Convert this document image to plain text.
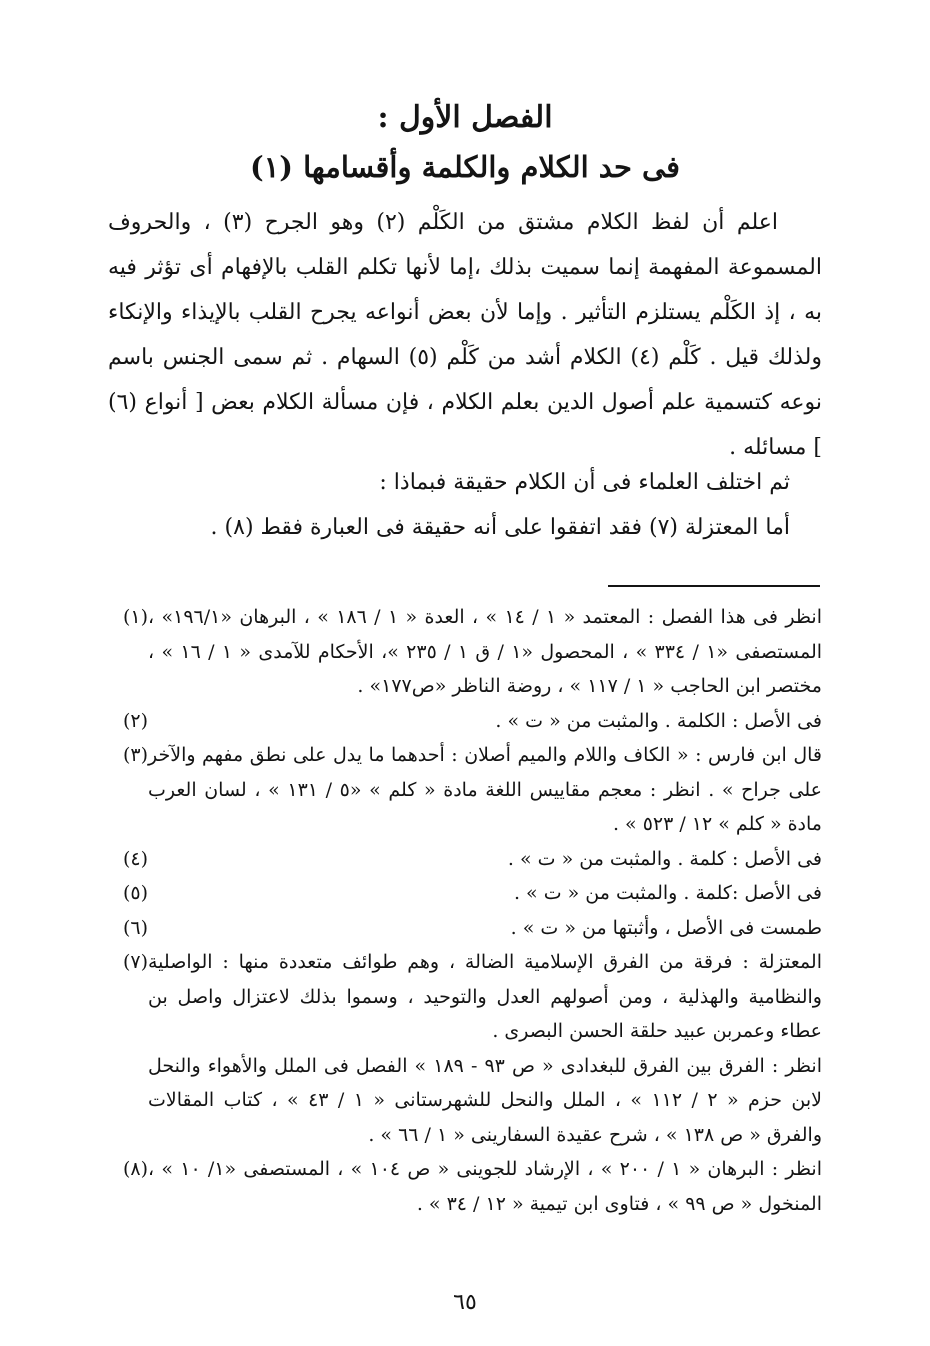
الفصل الأول :
فى حد الكلام والكلمة وأقسامها (١)

اعلم أن لفظ الكلام مشتق من الكَلْم (٢) وهو الجرح (٣) ، والحروف المسموعة المفهمة إنما سميت بذلك ،إما لأنها تكلم القلب بالإفهام أى تؤثر فيه به ، إذ الكَلْم يستلزم التأثير . وإما لأن بعض أنواعه يجرح القلب بالإيذاء والإنكاء ولذلك قيل . كَلْم (٤) الكلام أشد من كَلْم (٥) السهام . ثم سمى الجنس باسم نوعه كتسمية علم أصول الدين بعلم الكلام ، فإن مسألة الكلام بعض [ أنواع (٦) ] مسائله .

ثم اختلف العلماء فى أن الكلام حقيقة فبماذا :
أما المعتزلة (٧) فقد اتفقوا على أنه حقيقة فى العبارة فقط (٨) .
(١) انظر فى هذا الفصل : المعتمد « ١ / ١٤ » ، العدة « ١ / ١٨٦ » ، البرهان «١٩٦/١» ، المستصفى «١ / ٣٣٤ » ، المحصول «١ / ق ١ / ٢٣٥ »، الأحكام للآمدى « ١ / ١٦ » ، مختصر ابن الحاجب « ١ / ١١٧ » ، روضة الناظر «ص١٧٧» .

(٢)	فى الأصل : الكلمة . والمثبت من « ت » .

(٣) قال ابن فارس : « الكاف واللام والميم أصلان : أحدهما ما يدل على نطق مفهم والآخر على جراح » . انظر : معجم مقاييس اللغة مادة « كلم » «٥ / ١٣١ » ، لسان العرب مادة « كلم » ١٢ / ٥٢٣ » .

(٤)	فى الأصل : كلمة . والمثبت من « ت » .

(٥)	فى الأصل :كلمة . والمثبت من « ت » .

(٦)	طمست فى الأصل ، وأثبتها من « ت » .

(٧) المعتزلة : فرقة من الفرق الإسلامية الضالة ، وهم طوائف متعددة منها : الواصلية والنظامية والهذلية ، ومن أصولهم العدل والتوحيد ، وسموا بذلك لاعتزال واصل بن عطاء وعمربن عبيد حلقة الحسن البصرى .

انظر : الفرق بين الفرق للبغدادى « ص ٩٣ - ١٨٩ » الفصل فى الملل والأهواء والنحل لابن حزم « ٢ / ١١٢ » ، الملل والنحل للشهرستانى « ١ / ٤٣ » ، كتاب المقالات والفرق « ص ١٣٨ » ، شرح عقيدة السفارينى « ١ / ٦٦ » .

(٨) انظر : البرهان « ١ / ٢٠٠ » ، الإرشاد للجوينى « ص ١٠٤ » ، المستصفى «١/ ١٠ » ، المنخول « ص ٩٩ » ، فتاوى ابن تيمية « ١٢ / ٣٤ » .

٦٥
